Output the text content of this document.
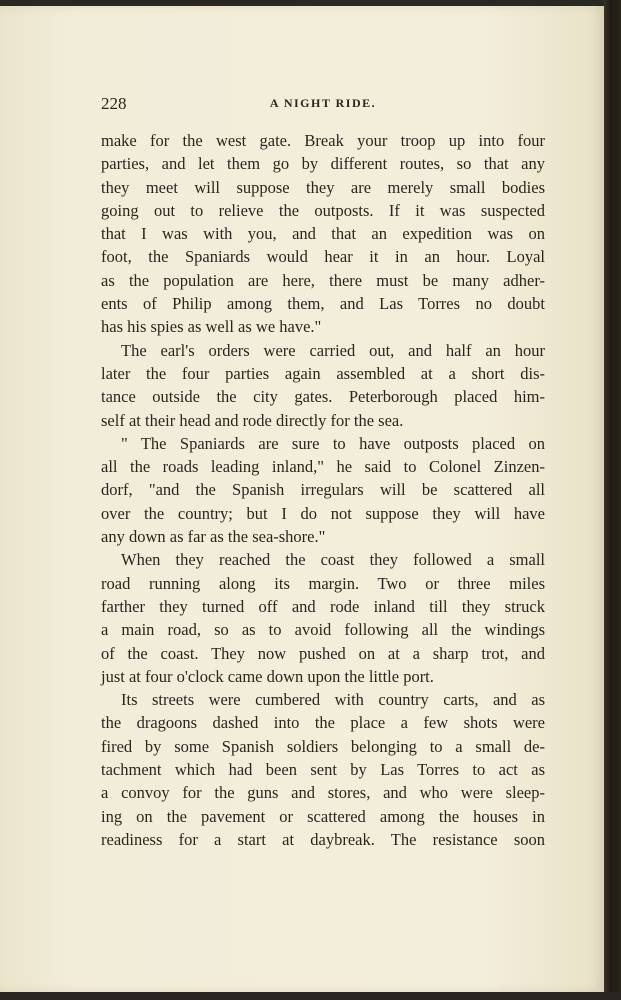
228	A NIGHT RIDE.
make for the west gate. Break your troop up into four
parties, and let them go by different routes, so that any
they meet will suppose they are merely small bodies
going out to relieve the outposts. If it was suspected
that I was with you, and that an expedition was on
foot, the Spaniards would hear it in an hour. Loyal
as the population are here, there must be many adher-
ents of Philip among them, and Las Torres no doubt
has his spies as well as we have."
The earl's orders were carried out, and half an hour
later the four parties again assembled at a short dis-
tance outside the city gates. Peterborough placed him-
self at their head and rode directly for the sea.
" The Spaniards are sure to have outposts placed on
all the roads leading inland," he said to Colonel Zinzen-
dorf, "and the Spanish irregulars will be scattered all
over the country; but I do not suppose they will have
any down as far as the sea-shore."
When they reached the coast they followed a small
road running along its margin. Two or three miles
farther they turned off and rode inland till they struck
a main road, so as to avoid following all the windings
of the coast. They now pushed on at a sharp trot, and
just at four o'clock came down upon the little port.
Its streets were cumbered with country carts, and as
the dragoons dashed into the place a few shots were
fired by some Spanish soldiers belonging to a small de-
tachment which had been sent by Las Torres to act as
a convoy for the guns and stores, and who were sleep-
ing on the pavement or scattered among the houses in
readiness for a start at daybreak. The resistance soon
